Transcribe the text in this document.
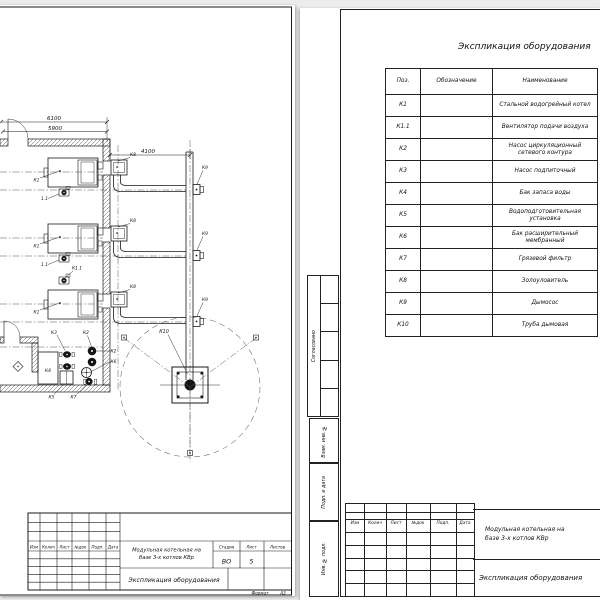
6100
5900
4100
К10
К1
1.1
К8
К9
К1
1.1
К8
К9
К1.1
К1
К8
К9
К4
К3	К2
К2
К6
К5	К7
Изм Колич Лист №док Подп. Дата	Стадия	Лист	Листов
ВО	5
Модульная котельная на
базе 3-х котлов КВр
Экспликация оборудования
Формат	А3
Экспликация оборудования
Поз.	Обозначение	Наименование
К1		Стальной водогрейный котел
К1.1		Вентилятор подачи воздуха
К2		Насос циркуляционный сетевого контура
К3		Насос подпиточный
К4		Бак запаса воды
К5		Водоподготовительная установка
К6		Бак расширительный мембранный
К7		Грязевой фильтр
К8		Золоуловитель
К9		Дымосос
К10		Труба дымовая
Согласовано
Взам. инв. №
Подп. и дата
Инв. № подл.
Изм Колич Лист №док	Подп. Дата
Модульная котельная на
базе 3-х котлов КВр
Экспликация оборудования
